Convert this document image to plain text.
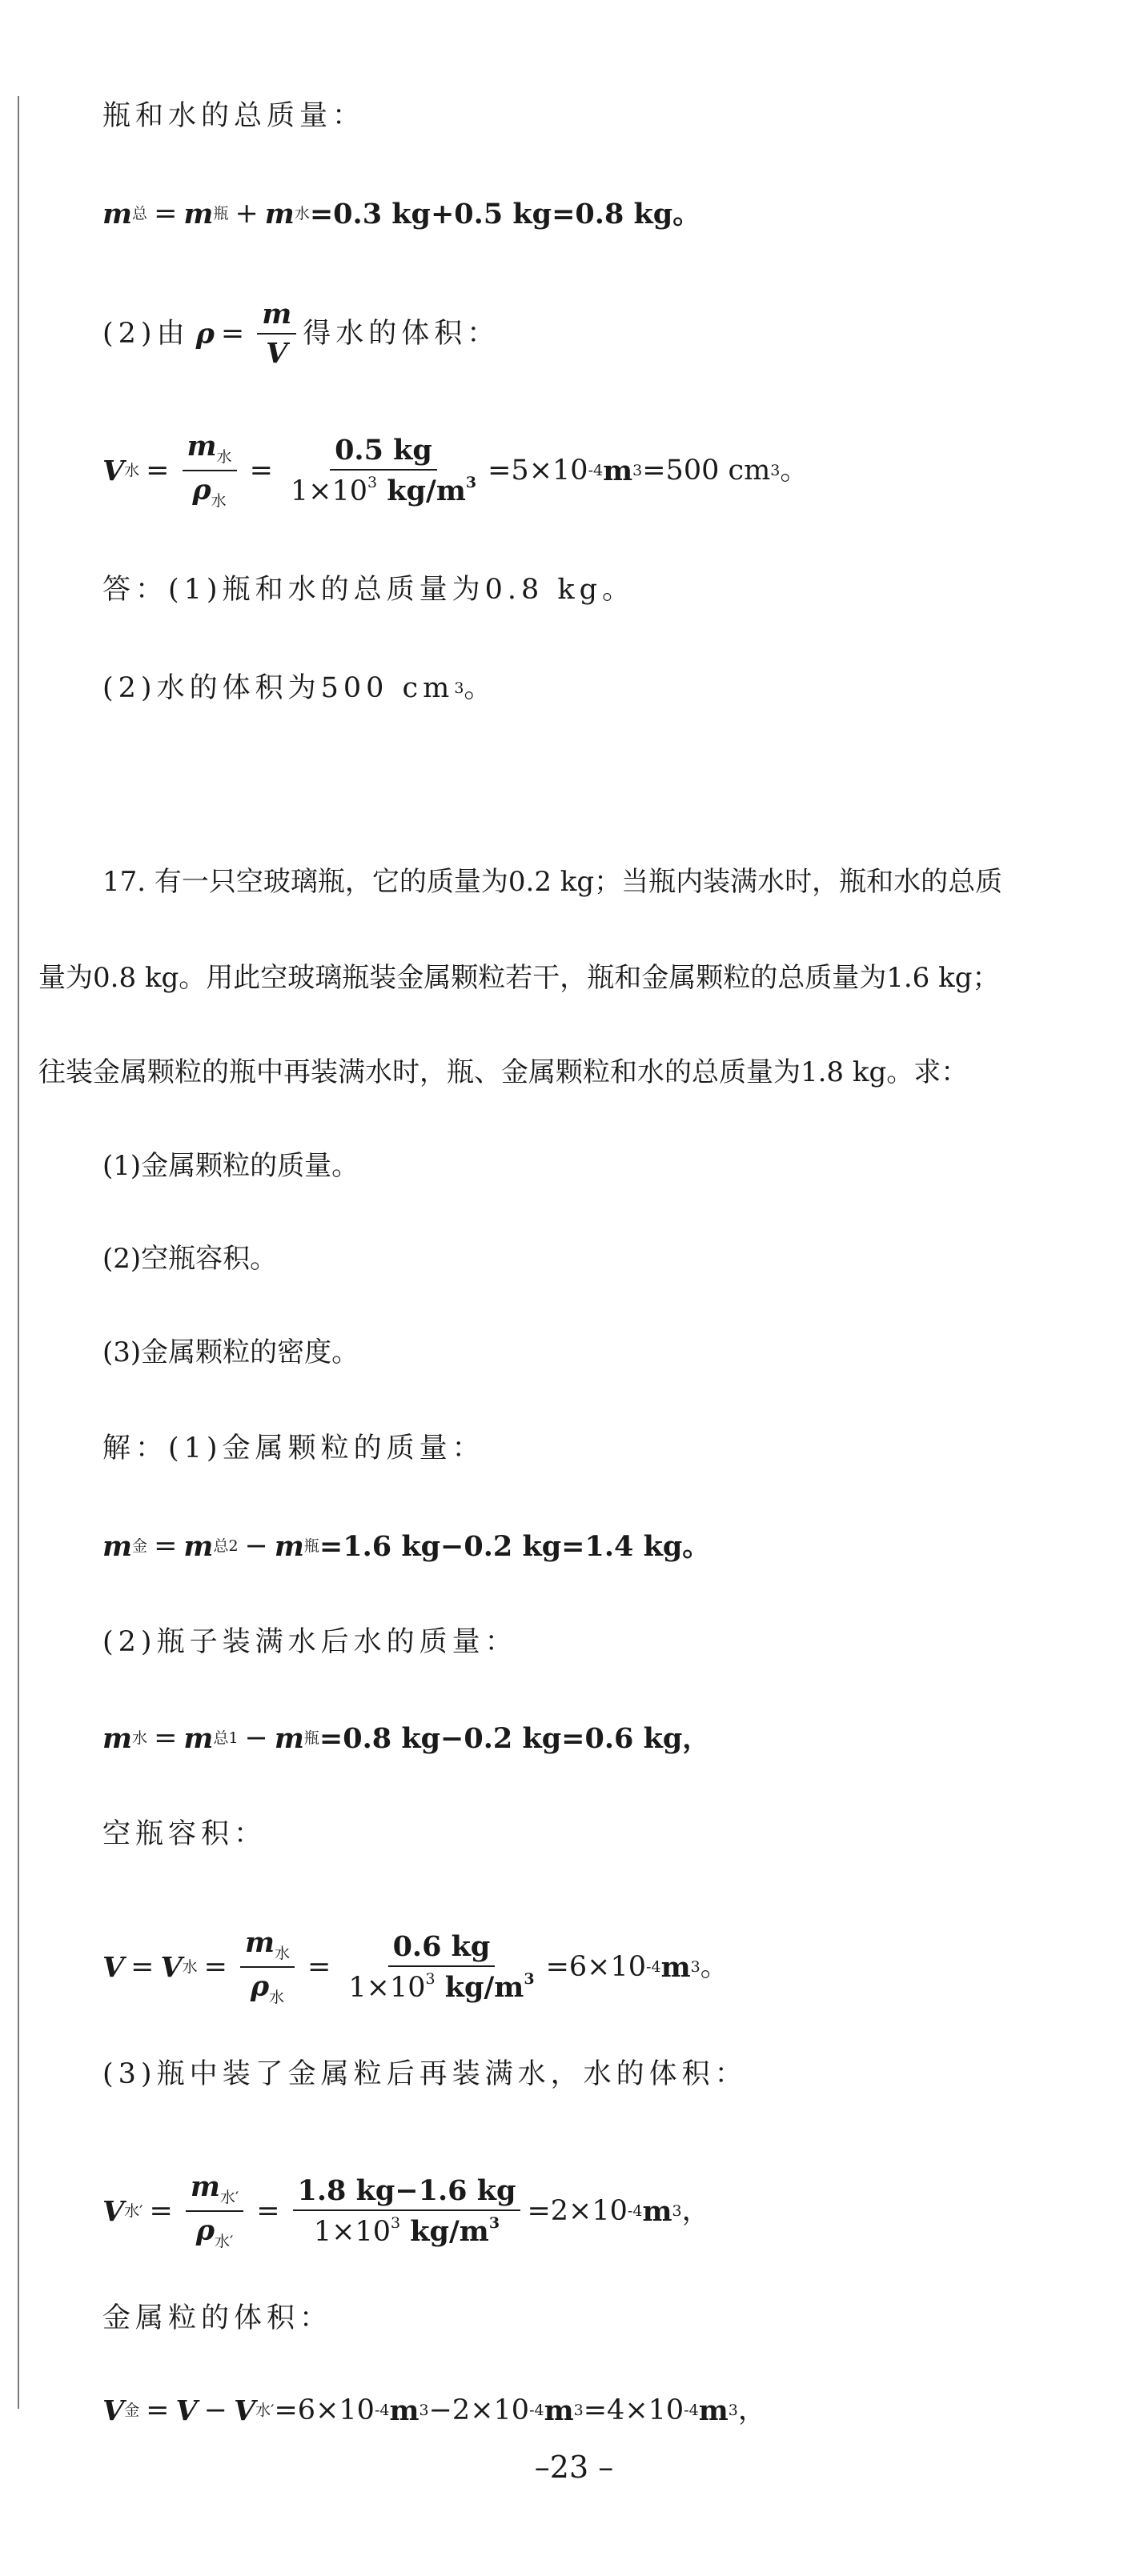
瓶和水的总质量：
m 总 = m 瓶 + m 水 =0.3 kg+0.5 kg=0.8 kg。
(2)由 $\rho = \frac{m}{V}$ 得水的体积：
V 水 = $\frac{m_水}{\rho_水} = \frac{0.5 kg}{1\times 10^3 kg/m^3} =5\times 10$ -4 m 3 =500 cm 3 。
答：(1)瓶和水的总质量为0.8 kg。
(2)水的体积为500 cm 3 。
17. 有一只空玻璃瓶，它的质量为0.2 kg；当瓶内装满水时，瓶和水的总质
量为0.8 kg。用此空玻璃瓶装金属颗粒若干，瓶和金属颗粒的总质量为1.6 kg；
往装金属颗粒的瓶中再装满水时，瓶、金属颗粒和水的总质量为1.8 kg。求：
(1)金属颗粒的质量。
(2)空瓶容积。
(3)金属颗粒的密度。
解：(1)金属颗粒的质量：
m 金 = m 总2 − m 瓶 =1.6 kg−0.2 kg=1.4 kg。
(2)瓶子装满水后水的质量：
m 水 = m 总1 − m 瓶 =0.8 kg−0.2 kg=0.6 kg，
空瓶容积：
V = V 水 = $\frac{m_水}{\rho_水} = \frac{0.6 kg}{1\times 10^3 kg/m^3} =6\times 10$ -4 m 3 。
(3)瓶中装了金属粒后再装满水，水的体积：
V 水′ = $\frac{m_{水'}}{\rho_{水'}} = \frac{1.8 kg-1.6 kg}{1\times 10^3 kg/m^3} =2\times 10$ -4 m 3 ，
金属粒的体积：
V 金 = V − V 水′ =6×10 -4 m 3 −2×10 -4 m 3 =4×10 -4 m 3 ，
–23 –
